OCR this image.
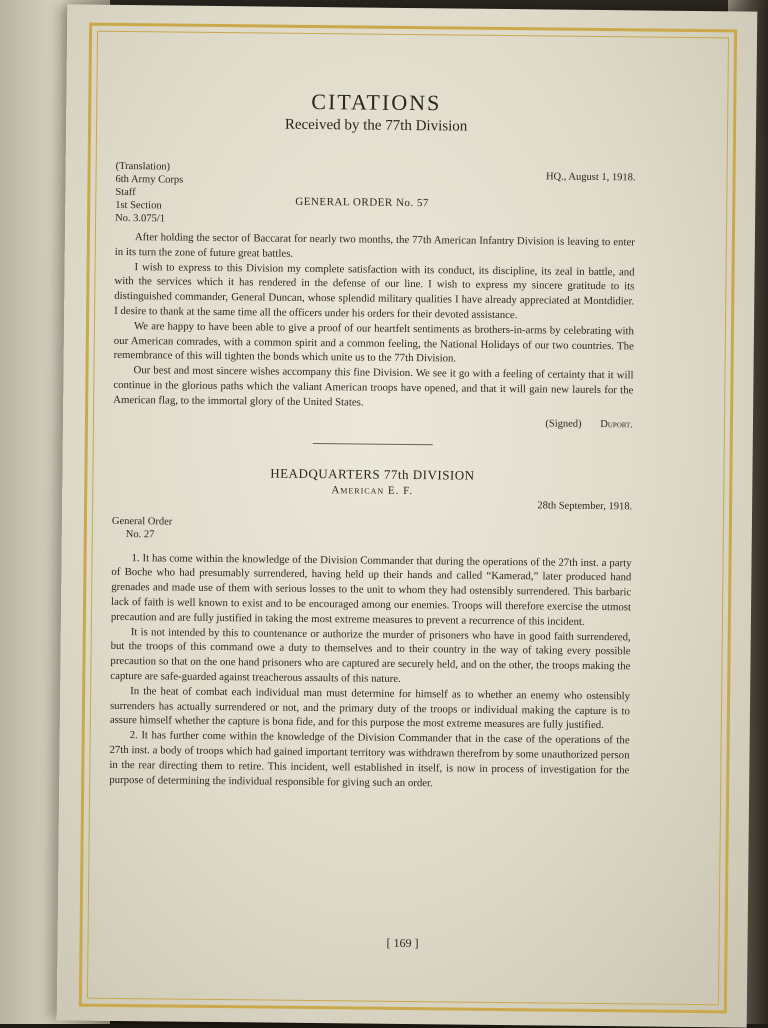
CITATIONS
Received by the 77th Division
(Translation)
6th Army Corps
Staff
1st Section
No. 3.075/1
HQ., August 1, 1918.
GENERAL ORDER No. 57

After holding the sector of Baccarat for nearly two months, the 77th American Infantry Division is leaving to enter in its turn the zone of future great battles.

I wish to express to this Division my complete satisfaction with its conduct, its discipline, its zeal in battle, and with the services which it has rendered in the defense of our line. I wish to express my sincere gratitude to its distinguished commander, General Duncan, whose splendid military qualities I have already appreciated at Montdidier. I desire to thank at the same time all the officers under his orders for their devoted assistance.

We are happy to have been able to give a proof of our heartfelt sentiments as brothers-in-arms by celebrating with our American comrades, with a common spirit and a common feeling, the National Holidays of our two countries. The remembrance of this will tighten the bonds which unite us to the 77th Division.

Our best and most sincere wishes accompany this fine Division. We see it go with a feeling of certainty that it will continue in the glorious paths which the valiant American troops have opened, and that it will gain new laurels for the American flag, to the immortal glory of the United States.

(Signed) Duport.
HEADQUARTERS 77th DIVISION
American E. F.
28th September, 1918.
General Order
No. 27

1. It has come within the knowledge of the Division Commander that during the operations of the 27th inst. a party of Boche who had presumably surrendered, having held up their hands and called “Kamerad,” later produced hand grenades and made use of them with serious losses to the unit to whom they had ostensibly surrendered. This barbaric lack of faith is well known to exist and to be encouraged among our enemies. Troops will therefore exercise the utmost precaution and are fully justified in taking the most extreme measures to prevent a recurrence of this incident.

It is not intended by this to countenance or authorize the murder of prisoners who have in good faith surrendered, but the troops of this command owe a duty to themselves and to their country in the way of taking every possible precaution so that on the one hand prisoners who are captured are securely held, and on the other, the troops making the capture are safe-guarded against treacherous assaults of this nature.

In the heat of combat each individual man must determine for himself as to whether an enemy who ostensibly surrenders has actually surrendered or not, and the primary duty of the troops or individual making the capture is to assure himself whether the capture is bona fide, and for this purpose the most extreme measures are fully justified.

2. It has further come within the knowledge of the Division Commander that in the case of the operations of the 27th inst. a body of troops which had gained important territory was withdrawn therefrom by some unauthorized person in the rear directing them to retire. This incident, well established in itself, is now in process of investigation for the purpose of determining the individual responsible for giving such an order.

[ 169 ]
